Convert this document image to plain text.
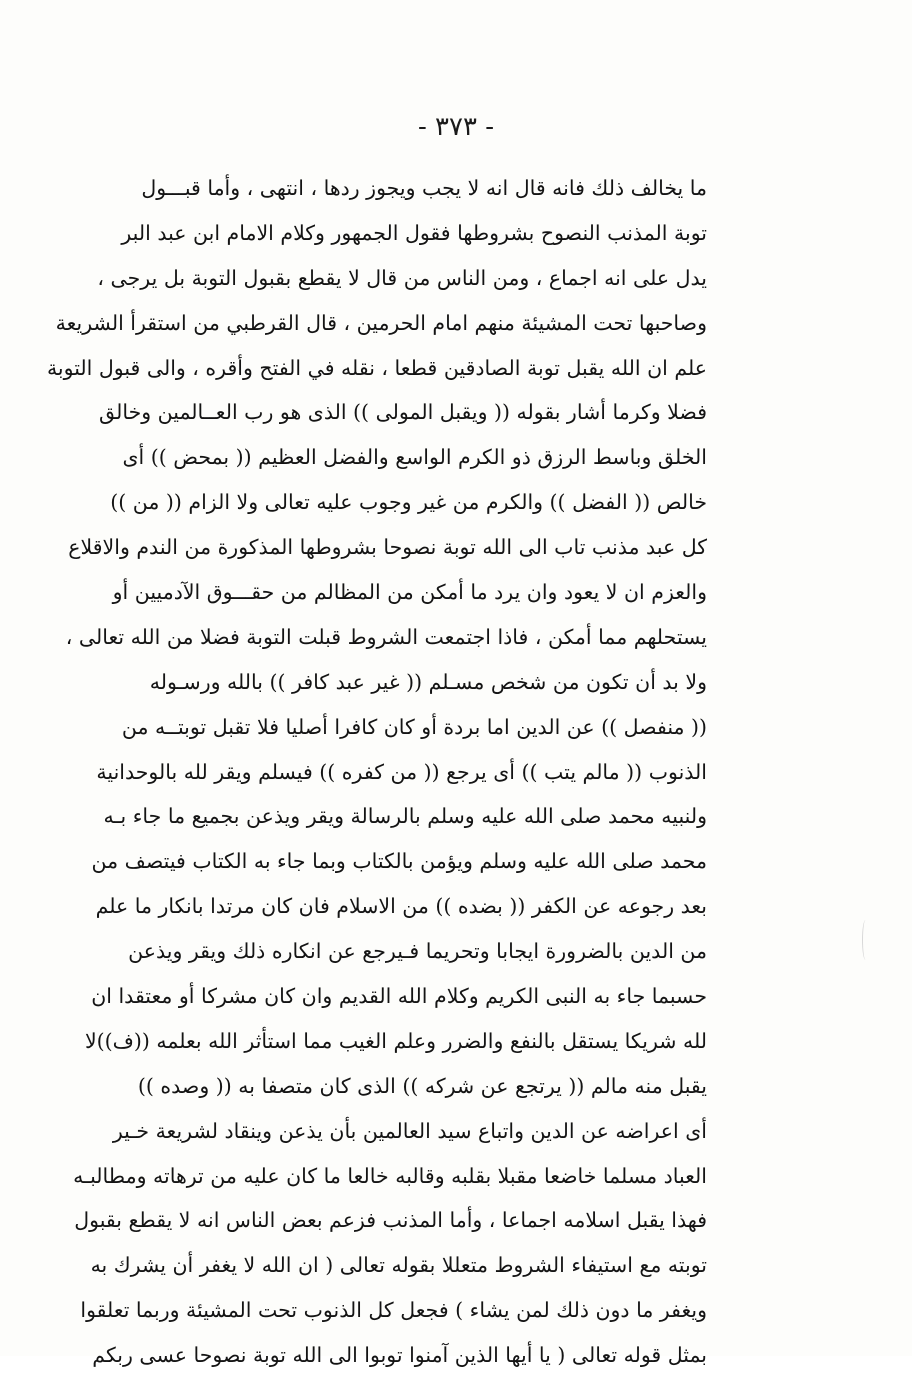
- ٣٧٣ -
ما يخالف ذلك فانه قال انه لا يجب ويجوز ردها ، انتهى ، وأما قبـــول
توبة المذنب النصوح بشروطها فقول الجمهور وكلام الامام ابن عبد البر
يدل على انه اجماع ، ومن الناس من قال لا يقطع بقبول التوبة بل يرجى ،
وصاحبها تحت المشيئة منهم امام الحرمين ، قال القرطبي من استقرأ الشريعة
علم ان الله يقبل توبة الصادقين قطعا ، نقله في الفتح وأقره ، والى قبول التوبة
فضلا وكرما أشار بقوله (( ويقبل المولى )) الذى هو رب العــالمين وخالق
الخلق وباسط الرزق ذو الكرم الواسع والفضل العظيم (( بمحض )) أى
خالص (( الفضل )) والكرم من غير وجوب عليه تعالى ولا الزام (( من ))
كل عبد مذنب تاب الى الله توبة نصوحا بشروطها المذكورة من الندم والاقلاع
والعزم ان لا يعود وان يرد ما أمكن من المظالم من حقـــوق الآدميين أو
يستحلهم مما أمكن ، فاذا اجتمعت الشروط قبلت التوبة فضلا من الله تعالى ،
ولا بد أن تكون من شخص مسـلم (( غير عبد كافر )) بالله ورسـوله
(( منفصل )) عن الدين اما بردة أو كان كافرا أصليا فلا تقبل توبتــه من
الذنوب (( مالم يتب )) أى يرجع (( من كفره )) فيسلم ويقر لله بالوحدانية
ولنبيه محمد صلى الله عليه وسلم بالرسالة ويقر ويذعن بجميع ما جاء بـه
محمد صلى الله عليه وسلم ويؤمن بالكتاب وبما جاء به الكتاب فيتصف من
بعد رجوعه عن الكفر (( بضده )) من الاسلام فان كان مرتدا بانكار ما علم
من الدين بالضرورة ايجابا وتحريما فـيرجع عن انكاره ذلك ويقر ويذعن
حسبما جاء به النبى الكريم وكلام الله القديم وان كان مشركا أو معتقدا ان
لله شريكا يستقل بالنفع والضرر وعلم الغيب مما استأثر الله بعلمه ((ف))لا
يقبل منه مالم (( يرتجع عن شركه )) الذى كان متصفا به (( وصده ))
أى اعراضه عن الدين واتباع سيد العالمين بأن يذعن وينقاد لشريعة خـير
العباد مسلما خاضعا مقبلا بقلبه وقالبه خالعا ما كان عليه من ترهاته ومطالبـه
فهذا يقبل اسلامه اجماعا ، وأما المذنب فزعم بعض الناس انه لا يقطع بقبول
توبته مع استيفاء الشروط متعللا بقوله تعالى ( ان الله لا يغفر أن يشرك به
ويغفر ما دون ذلك لمن يشاء ) فجعل كل الذنوب تحت المشيئة وربما تعلقوا
بمثل قوله تعالى ( يا أيها الذين آمنوا توبوا الى الله توبة نصوحا عسى ربكم
